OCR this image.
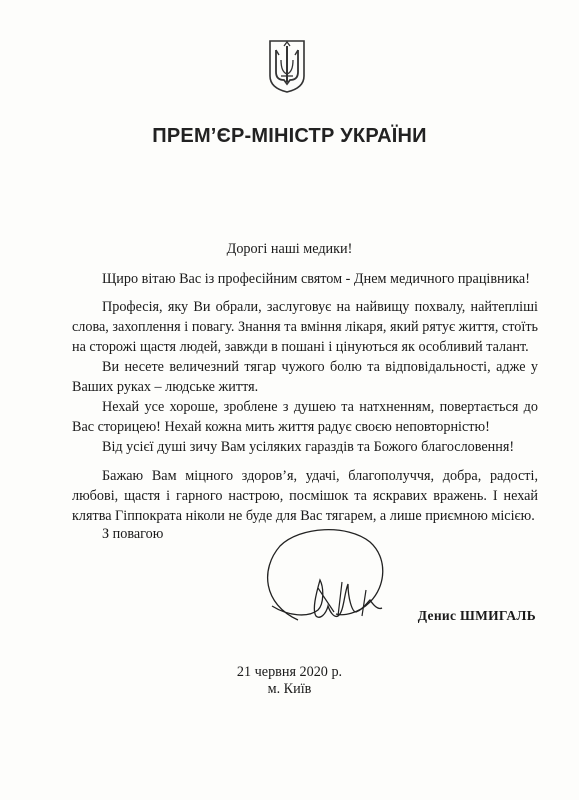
ПРЕМ’ЄР-МІНІСТР УКРАЇНИ
Дорогі наші медики!
Щиро вітаю Вас із професійним святом - Днем медичного працівника!
Професія, яку Ви обрали, заслуговує на найвищу похвалу, найтепліші слова, захоплення і повагу. Знання та вміння лікаря, який рятує життя, стоїть на сторожі щастя людей, завжди в пошані і цінуються як особливий талант.
Ви несете величезний тягар чужого болю та відповідальності, адже у Ваших руках – людське життя.
Нехай усе хороше, зроблене з душею та натхненням, повертається до Вас сторицею! Нехай кожна мить життя радує своєю неповторністю!
Від усієї душі зичу Вам усіляких гараздів та Божого благословення!
Бажаю Вам міцного здоров’я, удачі, благополуччя, добра, радості, любові, щастя і гарного настрою, посмішок та яскравих вражень. І нехай клятва Гіппократа ніколи не буде для Вас тягарем, а лише приємною місією.
З повагою
Денис ШМИГАЛЬ
21 червня 2020 р.
м. Київ
